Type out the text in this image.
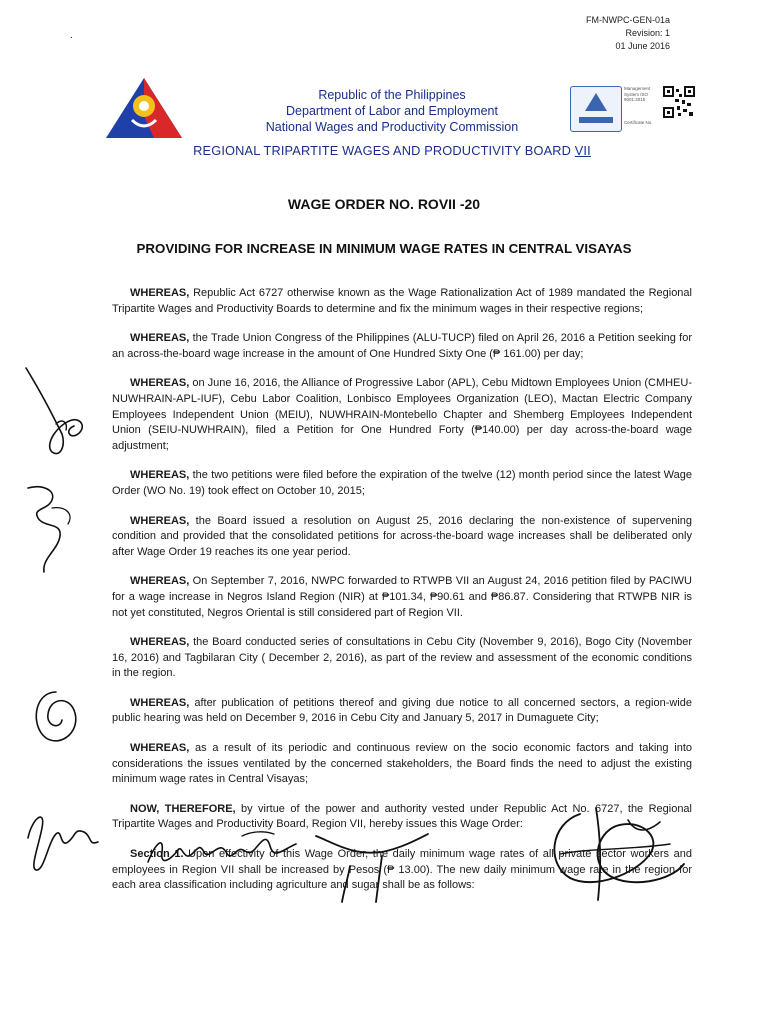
FM-NWPC-GEN-01a
Revision: 1
01 June 2016
.
Republic of the Philippines
Department of Labor and Employment
National Wages and Productivity Commission
Management System ISO 9001:2015
Certificate No.
REGIONAL TRIPARTITE WAGES AND PRODUCTIVITY BOARD VII
WAGE ORDER NO. ROVII -20
PROVIDING FOR INCREASE IN MINIMUM WAGE RATES IN CENTRAL VISAYAS

WHEREAS, Republic Act 6727 otherwise known as the Wage Rationalization Act of 1989 mandated the Regional Tripartite Wages and Productivity Boards to determine and fix the minimum wages in their respective regions;

WHEREAS, the Trade Union Congress of the Philippines (ALU-TUCP) filed on April 26, 2016 a Petition seeking for an across-the-board wage increase in the amount of One Hundred Sixty One (₱ 161.00) per day;

WHEREAS, on June 16, 2016, the Alliance of Progressive Labor (APL), Cebu Midtown Employees Union (CMHEU-NUWHRAIN-APL-IUF), Cebu Labor Coalition, Lonbisco Employees Organization (LEO), Mactan Electric Company Employees Independent Union (MEIU), NUWHRAIN-Montebello Chapter and Shemberg Employees Independent Union (SEIU-NUWHRAIN), filed a Petition for One Hundred Forty (₱140.00) per day across-the-board wage adjustment;

WHEREAS, the two petitions were filed before the expiration of the twelve (12) month period since the latest Wage Order (WO No. 19) took effect on October 10, 2015;

WHEREAS, the Board issued a resolution on August 25, 2016 declaring the non-existence of supervening condition and provided that the consolidated petitions for across-the-board wage increases shall be deliberated only after Wage Order 19 reaches its one year period.

WHEREAS, On September 7, 2016, NWPC forwarded to RTWPB VII an August 24, 2016 petition filed by PACIWU for a wage increase in Negros Island Region (NIR) at ₱101.34, ₱90.61 and ₱86.87. Considering that RTWPB NIR is not yet constituted, Negros Oriental is still considered part of Region VII.

WHEREAS, the Board conducted series of consultations in Cebu City (November 9, 2016), Bogo City (November 16, 2016) and Tagbilaran City ( December 2, 2016), as part of the review and assessment of the economic conditions in the region.

WHEREAS, after publication of petitions thereof and giving due notice to all concerned sectors, a region-wide public hearing was held on December 9, 2016 in Cebu City and January 5, 2017 in Dumaguete City;

WHEREAS, as a result of its periodic and continuous review on the socio economic factors and taking into considerations the issues ventilated by the concerned stakeholders, the Board finds the need to adjust the existing minimum wage rates in Central Visayas;

NOW, THEREFORE, by virtue of the power and authority vested under Republic Act No. 6727, the Regional Tripartite Wages and Productivity Board, Region VII, hereby issues this Wage Order:

Section 1. Upon effectivity of this Wage Order, the daily minimum wage rates of all private sector workers and employees in Region VII shall be increased by Pesos (₱ 13.00). The new daily minimum wage rate in the region for each area classification including agriculture and sugar shall be as follows:
